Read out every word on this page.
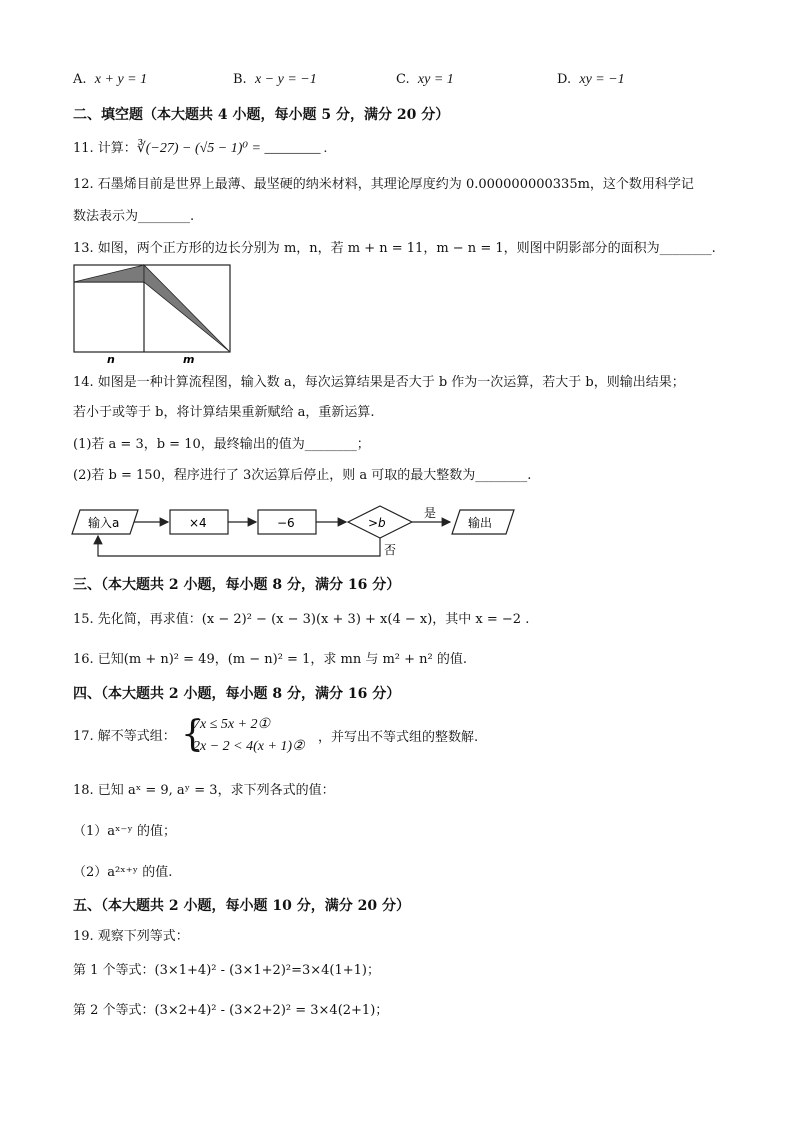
A. x + y = 1	B. x − y = −1	C. xy = 1	D. xy = −1
二、填空题（本大题共 4 小题，每小题 5 分，满分 20 分）
11. 计算：∛(−27) − (√5 − 1)⁰ = ________ .
12. 石墨烯目前是世界上最薄、最坚硬的纳米材料，其理论厚度约为 0.000000000335m，这个数用科学记
数法表示为________.
13. 如图，两个正方形的边长分别为 m，n，若 m + n = 11，m − n = 1，则图中阴影部分的面积为________.
n	m
14. 如图是一种计算流程图，输入数 a，每次运算结果是否大于 b 作为一次运算，若大于 b，则输出结果；
若小于或等于 b，将计算结果重新赋给 a，重新运算.
(1)若 a = 3，b = 10，最终输出的值为________；
(2)若 b = 150，程序进行了 3次运算后停止，则 a 可取的最大整数为________.
输入a	×4	−6	>b
是
输出
否
三、（本大题共 2 小题，每小题 8 分，满分 16 分）
15. 先化简，再求值：(x − 2)² − (x − 3)(x + 3) + x(4 − x)，其中 x = −2 .
16. 已知(m + n)² = 49，(m − n)² = 1，求 mn 与 m² + n² 的值.
四、（本大题共 2 小题，每小题 8 分，满分 16 分）
17. 解不等式组： {
7x ≤ 5x + 2①
2x − 2 < 4(x + 1)②
，并写出不等式组的整数解.
18. 已知 aˣ = 9, aʸ = 3，求下列各式的值：
（1）aˣ⁻ʸ 的值；
（2）a²ˣ⁺ʸ 的值.
五、（本大题共 2 小题，每小题 10 分，满分 20 分）
19. 观察下列等式：
第 1 个等式：(3×1+4)² - (3×1+2)²=3×4(1+1)；
第 2 个等式：(3×2+4)² - (3×2+2)² = 3×4(2+1)；
